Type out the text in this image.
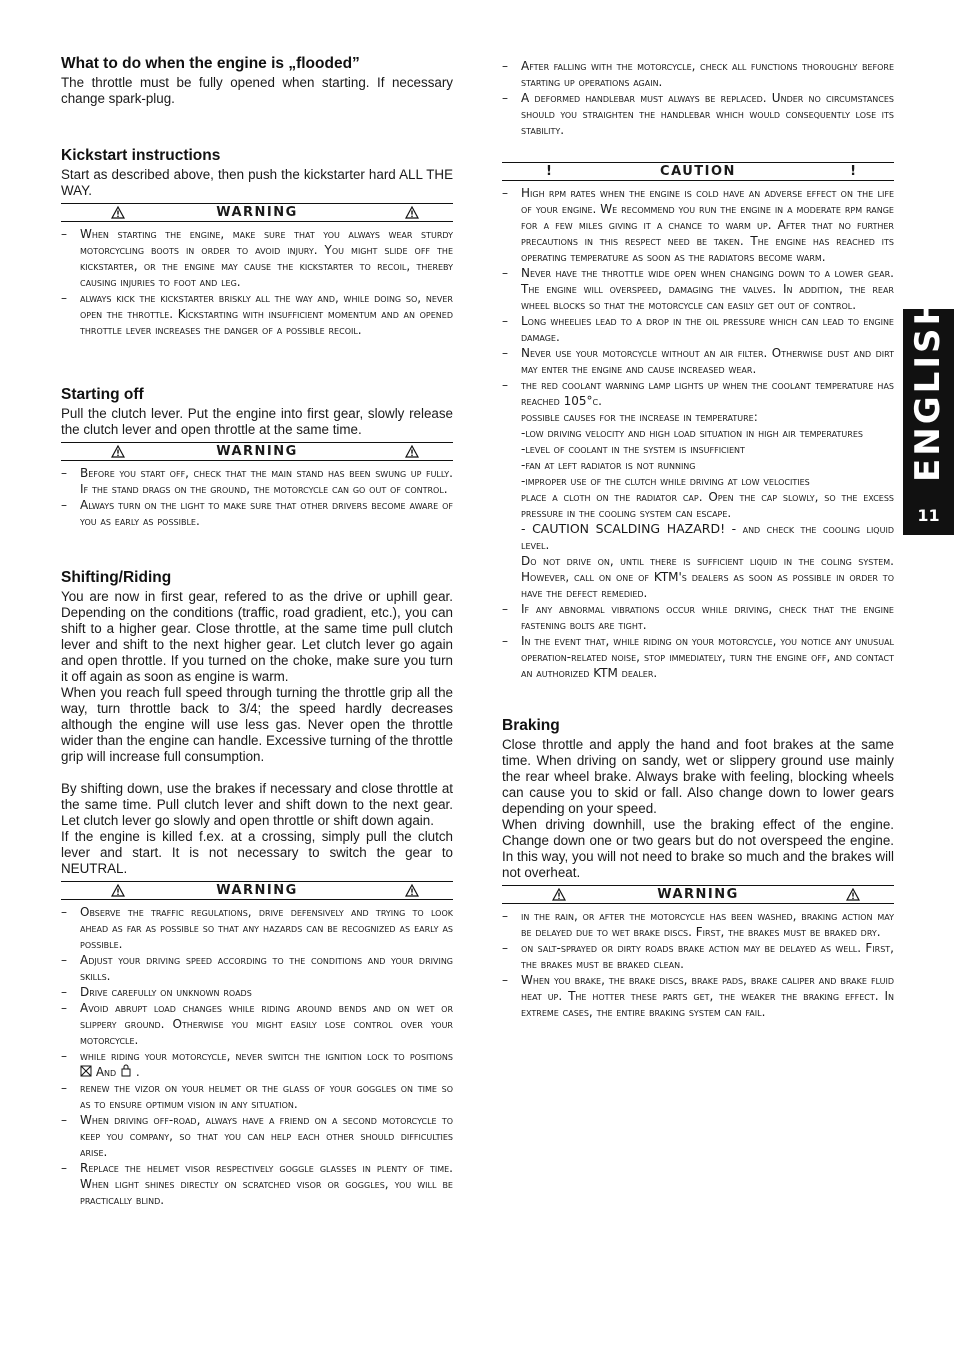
What to do when the engine is „flooded”

The throttle must be fully opened when starting. If necessary change spark-plug.

Kickstart instructions

Start as described above, then push the kickstarter hard ALL THE WAY.

WARNING
– When starting the engine, make sure that you always wear sturdy motorcycling boots in order to avoid injury. You might slide off the kickstarter, or the engine may cause the kickstarter to recoil, thereby causing injuries to foot and leg.
– always kick the kickstarter briskly all the way and, while doing so, never open the throttle. Kickstarting with insufficient momentum and an opened throttle lever increases the danger of a possible recoil.
Starting off

Pull the clutch lever. Put the engine into first gear, slowly release the clutch lever and open throttle at the same time.

WARNING
– Before you start off, check that the main stand has been swung up fully. If the stand drags on the ground, the motorcycle can go out of control.
– Always turn on the light to make sure that other drivers become aware of you as early as possible.
Shifting/Riding

You are now in first gear, refered to as the drive or uphill gear. Depending on the conditions (traffic, road gradient, etc.), you can shift to a higher gear. Close throttle, at the same time pull clutch lever and shift to the next higher gear. Let clutch lever go again and open throttle. If you turned on the choke, make sure you turn it off again as soon as engine is warm.

When you reach full speed through turning the throttle grip all the way, turn throttle back to 3/4; the speed hardly decreases although the engine will use less gas. Never open the throttle wider than the engine can handle. Excessive turning of the throttle grip will increase full consumption.

By shifting down, use the brakes if necessary and close throttle at the same time. Pull clutch lever and shift down to the next gear. Let clutch lever go slowly and open throttle or shift down again.

If the engine is killed f.ex. at a crossing, simply pull the clutch lever and start. It is not necessary to switch the gear to NEUTRAL.

WARNING
– Observe the traffic regulations, drive defensively and trying to look ahead as far as possible so that any hazards can be recognized as early as possible.
– Adjust your driving speed according to the conditions and your driving skills.
– Drive carefully on unknown roads
– Avoid abrupt load changes while riding around bends and on wet or slippery ground. Otherwise you might easily lose control over your motorcycle.
– while riding your motorcycle, never switch the ignition lock to positions  And .
– renew the vizor on your helmet or the glass of your goggles on time so as to ensure optimum vision in any situation.
– When driving off-road, always have a friend on a second motorcycle to keep you company, so that you can help each other should difficulties arise.
– Replace the helmet visor respectively goggle glasses in plenty of time. When light shines directly on scratched visor or goggles, you will be practically blind.
– After falling with the motorcycle, check all functions thoroughly before starting up operations again.
– A deformed handlebar must always be replaced. Under no circumstances should you straighten the handlebar which would consequently lose its stability.
!	CAUTION	!
– High rpm rates when the engine is cold have an adverse effect on the life of your engine. We recommend you run the engine in a moderate rpm range for a few miles giving it a chance to warm up. After that no further precautions in this respect need be taken. The engine has reached its operating temperature as soon as the radiators become warm.
– Never have the throttle wide open when changing down to a lower gear. The engine will overspeed, damaging the valves. In addition, the rear wheel blocks so that the motorcycle can easily get out of control.
– Long wheelies lead to a drop in the oil pressure which can lead to engine damage.
– Never use your motorcycle without an air filter. Otherwise dust and dirt may enter the engine and cause increased wear.
– the red coolant warning lamp lights up when the coolant temperature has reached 105°c.
possible causes for the increase in temperature:
-low driving velocity and high load situation in high air temperatures
-level of coolant in the system is insufficient
-fan at left radiator is not running
-improper use of the clutch while driving at low velocities
place a cloth on the radiator cap. Open the cap slowly, so the excess pressure in the cooling system can escape.
- CAUTION SCALDING HAZARD! - and check the cooling liquid level.
Do not drive on, until there is sufficient liquid in the coling system. However, call on one of KTM's dealers as soon as possible in order to have the defect remedied.
– If any abnormal vibrations occur while driving, check that the engine fastening bolts are tight.
– In the event that, while riding on your motorcycle, you notice any unusual operation-related noise, stop immediately, turn the engine off, and contact an authorized KTM dealer.
Braking

Close throttle and apply the hand and foot brakes at the same time. When driving on sandy, wet or slippery ground use mainly the rear wheel brake. Always brake with feeling, blocking wheels can cause you to skid or fall. Also change down to lower gears depending on your speed.

When driving downhill, use the braking effect of the engine. Change down one or two gears but do not overspeed the engine. In this way, you will not need to brake so much and the brakes will not overheat.

WARNING
– in the rain, or after the motorcycle has been washed, braking action may be delayed due to wet brake discs. First, the brakes must be braked dry.
– on salt-sprayed or dirty roads brake action may be delayed as well. First, the brakes must be braked clean.
– When you brake, the brake discs, brake pads, brake caliper and brake fluid heat up. The hotter these parts get, the weaker the braking effect. In extreme cases, the entire braking system can fail.
ENGLISH
11
